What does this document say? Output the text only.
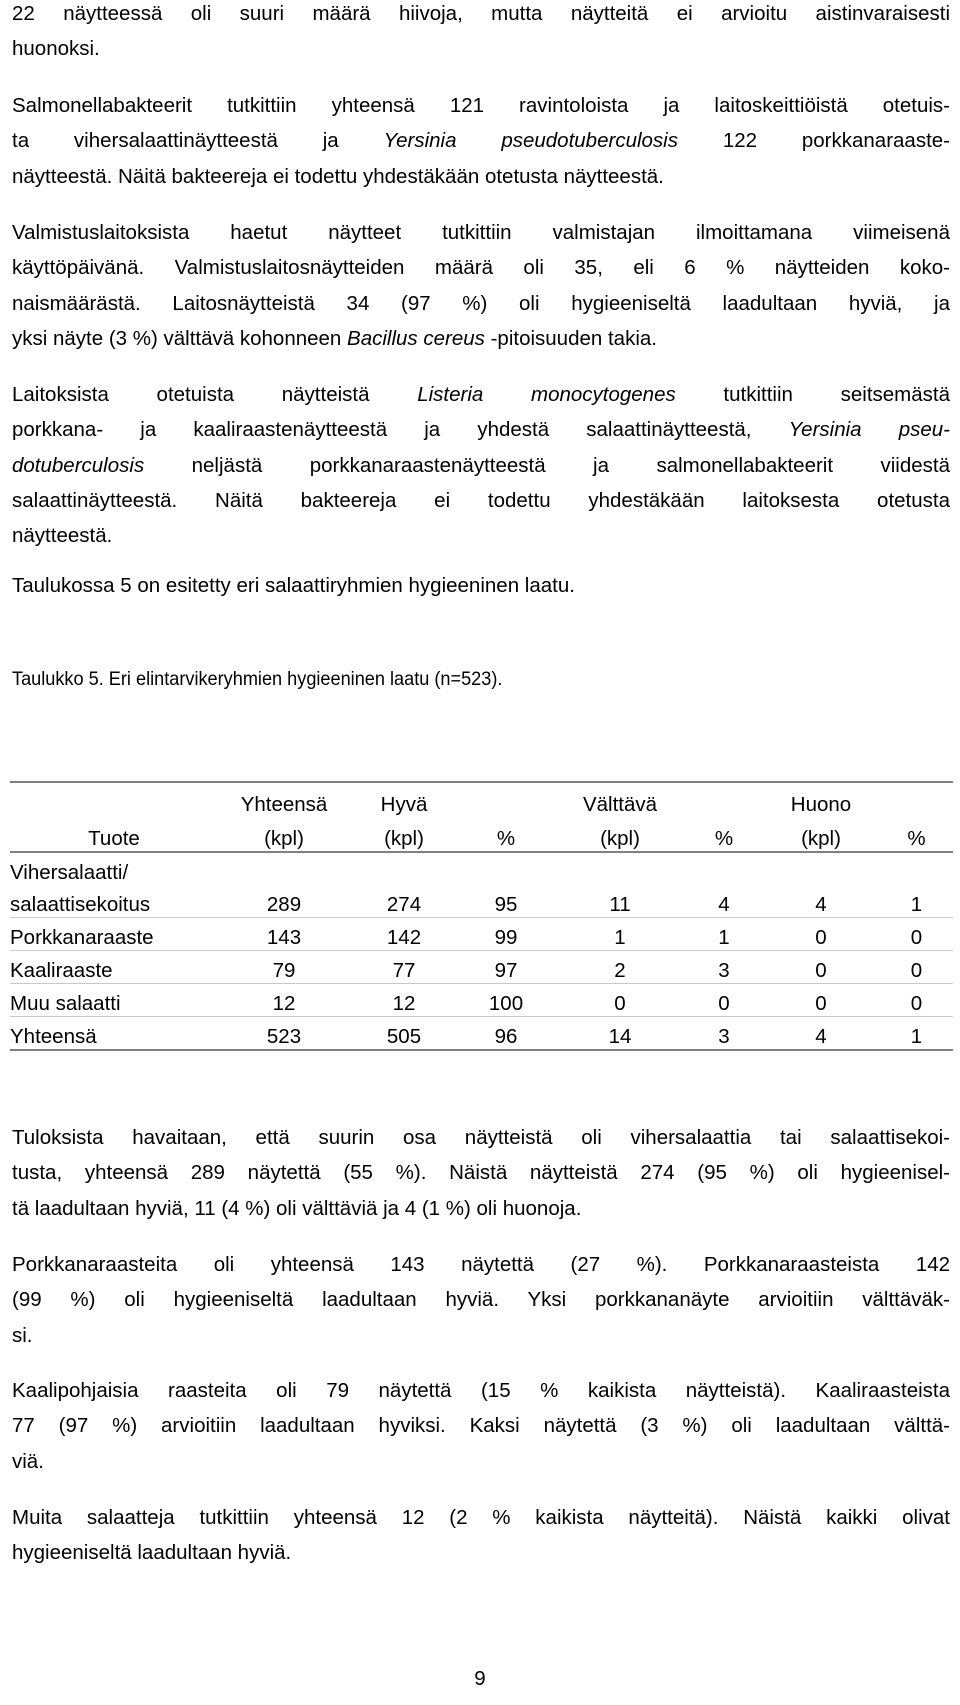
22 näytteessä oli suuri määrä hiivoja, mutta näytteitä ei arvioitu aistinvaraisesti
huonoksi.

Salmonellabakteerit tutkittiin yhteensä 121 ravintoloista ja laitoskeittiöistä otetuis-
ta vihersalaattinäytteestä ja Yersinia pseudotuberculosis 122 porkkanaraaste-
näytteestä. Näitä bakteereja ei todettu yhdestäkään otetusta näytteestä.

Valmistuslaitoksista haetut näytteet tutkittiin valmistajan ilmoittamana viimeisenä
käyttöpäivänä. Valmistuslaitosnäytteiden määrä oli 35, eli 6 % näytteiden koko-
naismäärästä. Laitosnäytteistä 34 (97 %) oli hygieeniseltä laadultaan hyviä, ja
yksi näyte (3 %) välttävä kohonneen Bacillus cereus -pitoisuuden takia.

Laitoksista otetuista näytteistä Listeria monocytogenes tutkittiin seitsemästä
porkkana- ja kaaliraastenäytteestä ja yhdestä salaattinäytteestä, Yersinia pseu-
dotuberculosis neljästä porkkanaraastenäytteestä ja salmonellabakteerit viidestä
salaattinäytteestä. Näitä bakteereja ei todettu yhdestäkään laitoksesta otetusta
näytteestä.

Taulukossa 5 on esitetty eri salaattiryhmien hygieeninen laatu.

Taulukko 5. Eri elintarvikeryhmien hygieeninen laatu (n=523).
	Yhteensä	Hyvä		Välttävä		Huono	
Tuote	(kpl)	(kpl)	%	(kpl)	%	(kpl)	%
Vihersalaatti/							
salaattisekoitus	289	274	95	11	4	4	1
Porkkanaraaste	143	142	99	1	1	0	0
Kaaliraaste	79	77	97	2	3	0	0
Muu salaatti	12	12	100	0	0	0	0
Yhteensä	523	505	96	14	3	4	1

Tuloksista havaitaan, että suurin osa näytteistä oli vihersalaattia tai salaattisekoi-
tusta, yhteensä 289 näytettä (55 %). Näistä näytteistä 274 (95 %) oli hygieenisel-
tä laadultaan hyviä, 11 (4 %) oli välttäviä ja 4 (1 %) oli huonoja.

Porkkanaraasteita oli yhteensä 143 näytettä (27 %). Porkkanaraasteista 142
(99 %) oli hygieeniseltä laadultaan hyviä. Yksi porkkananäyte arvioitiin välttäväk-
si.

Kaalipohjaisia raasteita oli 79 näytettä (15 % kaikista näytteistä). Kaaliraasteista
77 (97 %) arvioitiin laadultaan hyviksi. Kaksi näytettä (3 %) oli laadultaan välttä-
viä.

Muita salaatteja tutkittiin yhteensä 12 (2 % kaikista näytteitä). Näistä kaikki olivat
hygieeniseltä laadultaan hyviä.

9
